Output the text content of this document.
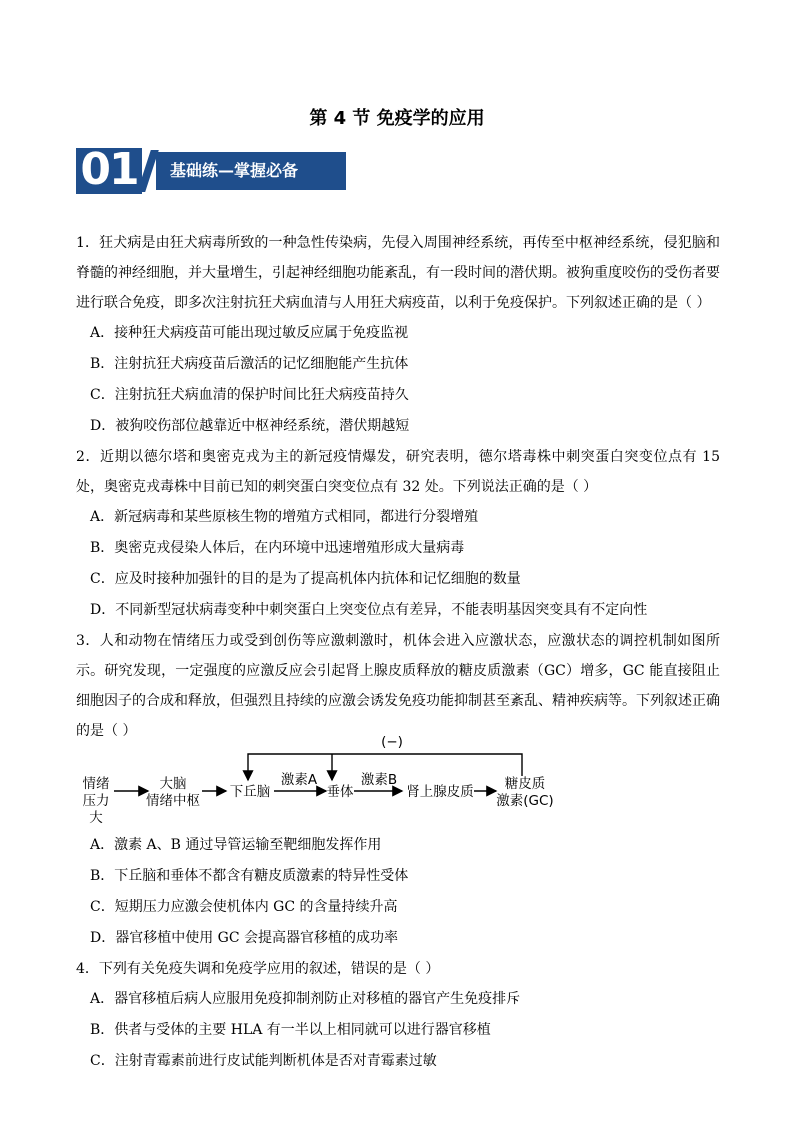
第 4 节 免疫学的应用
01	基础练—掌握必备

1．狂犬病是由狂犬病毒所致的一种急性传染病，先侵入周围神经系统，再传至中枢神经系统，侵犯脑和脊髓的神经细胞，并大量增生，引起神经细胞功能紊乱，有一段时间的潜伏期。被狗重度咬伤的受伤者要进行联合免疫，即多次注射抗狂犬病血清与人用狂犬病疫苗，以利于免疫保护。下列叙述正确的是（ ）

A．接种狂犬病疫苗可能出现过敏反应属于免疫监视

B．注射抗狂犬病疫苗后激活的记忆细胞能产生抗体

C．注射抗狂犬病血清的保护时间比狂犬病疫苗持久

D．被狗咬伤部位越靠近中枢神经系统，潜伏期越短

2．近期以德尔塔和奥密克戎为主的新冠疫情爆发，研究表明，德尔塔毒株中刺突蛋白突变位点有 15 处，奥密克戎毒株中目前已知的刺突蛋白突变位点有 32 处。下列说法正确的是（ ）

A．新冠病毒和某些原核生物的增殖方式相同，都进行分裂增殖

B．奥密克戎侵染人体后，在内环境中迅速增殖形成大量病毒

C．应及时接种加强针的目的是为了提高机体内抗体和记忆细胞的数量

D．不同新型冠状病毒变种中刺突蛋白上突变位点有差异，不能表明基因突变具有不定向性

3．人和动物在情绪压力或受到创伤等应激刺激时，机体会进入应激状态，应激状态的调控机制如图所示。研究发现，一定强度的应激反应会引起肾上腺皮质释放的糖皮质激素（GC）增多，GC 能直接阻止细胞因子的合成和释放，但强烈且持续的应激会诱发免疫功能抑制甚至紊乱、精神疾病等。下列叙述正确的是（ ）

情绪
压力大
大脑
情绪中枢
下丘脑
激素A
垂体
激素B
肾上腺皮质	糖皮质
激素(GC)
(−)

A．激素 A、B 通过导管运输至靶细胞发挥作用

B．下丘脑和垂体不都含有糖皮质激素的特异性受体

C．短期压力应激会使机体内 GC 的含量持续升高

D．器官移植中使用 GC 会提高器官移植的成功率

4．下列有关免疫失调和免疫学应用的叙述，错误的是（ ）

A．器官移植后病人应服用免疫抑制剂防止对移植的器官产生免疫排斥

B．供者与受体的主要 HLA 有一半以上相同就可以进行器官移植

C．注射青霉素前进行皮试能判断机体是否对青霉素过敏
